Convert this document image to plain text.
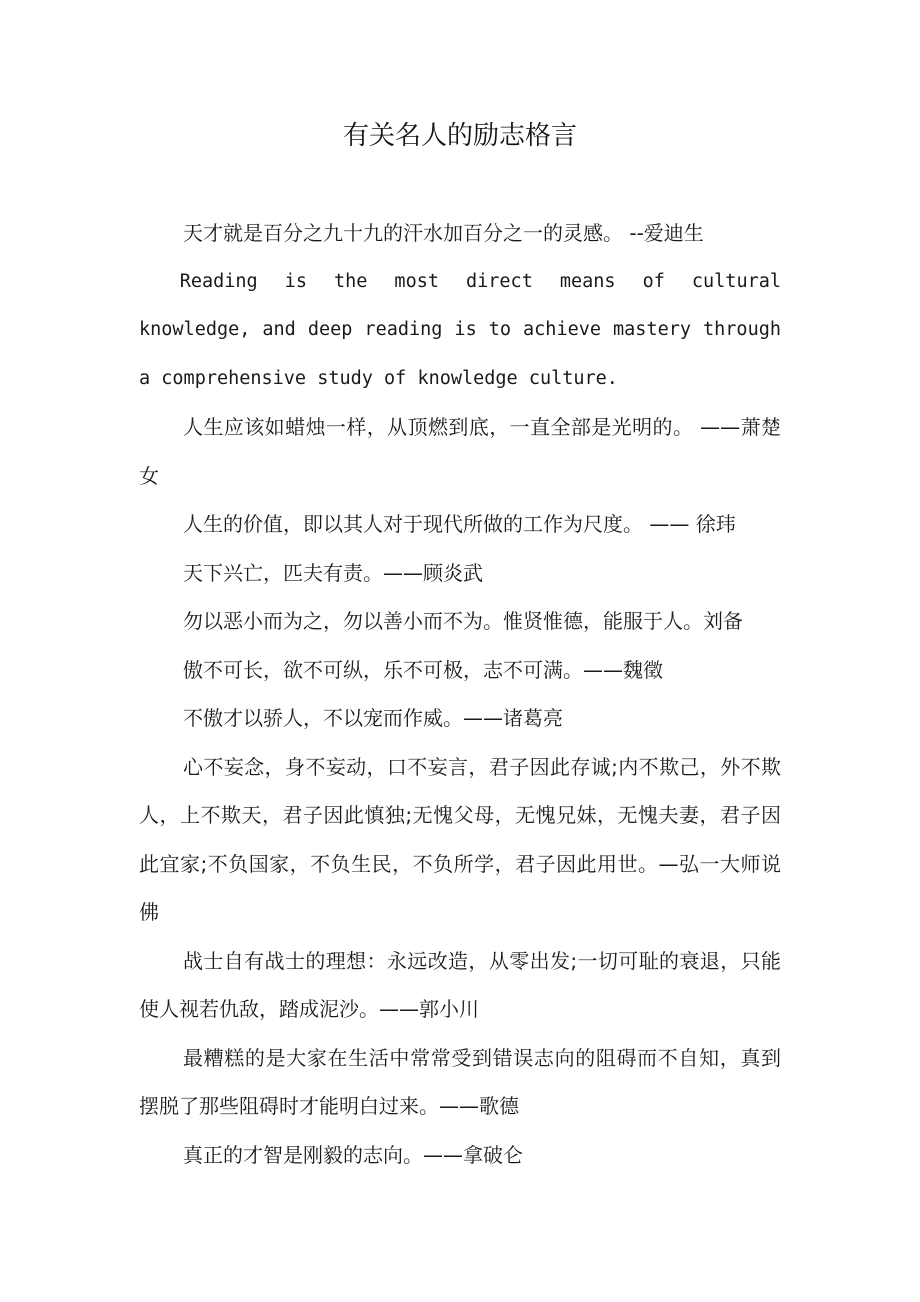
有关名人的励志格言

天才就是百分之九十九的汗水加百分之一的灵感。 --爱迪生

Reading is the most direct means of cultural knowledge, and deep reading is to achieve mastery through a comprehensive study of knowledge culture.

人生应该如蜡烛一样，从顶燃到底，一直全部是光明的。 ——萧楚女

人生的价值，即以其人对于现代所做的工作为尺度。 —— 徐玮

天下兴亡，匹夫有责。——顾炎武

勿以恶小而为之，勿以善小而不为。惟贤惟德，能服于人。刘备

傲不可长，欲不可纵，乐不可极，志不可满。——魏徵

不傲才以骄人，不以宠而作威。——诸葛亮

心不妄念，身不妄动，口不妄言，君子因此存诚;内不欺己，外不欺人，上不欺天，君子因此慎独;无愧父母，无愧兄妹，无愧夫妻，君子因此宜家;不负国家，不负生民，不负所学，君子因此用世。—弘一大师说佛

战士自有战士的理想：永远改造，从零出发;一切可耻的衰退，只能使人视若仇敌，踏成泥沙。——郭小川

最糟糕的是大家在生活中常常受到错误志向的阻碍而不自知，真到摆脱了那些阻碍时才能明白过来。——歌德

真正的才智是刚毅的志向。——拿破仑
